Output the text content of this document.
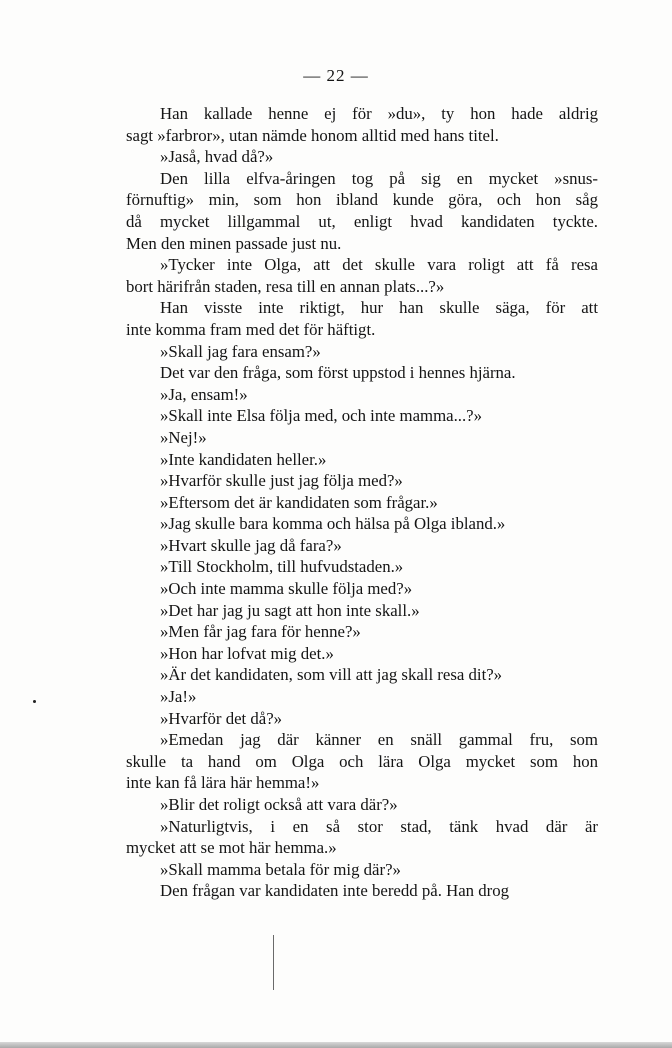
— 22 —
Han kallade henne ej för »du», ty hon hade aldrig
sagt »farbror», utan nämde honom alltid med hans titel.
»Jaså, hvad då?»
Den lilla elfva-åringen tog på sig en mycket »snus-
förnuftig» min, som hon ibland kunde göra, och hon såg
då mycket lillgammal ut, enligt hvad kandidaten tyckte.
Men den minen passade just nu.
»Tycker inte Olga, att det skulle vara roligt att få resa
bort härifrån staden, resa till en annan plats...?»
Han visste inte riktigt, hur han skulle säga, för att
inte komma fram med det för häftigt.
»Skall jag fara ensam?»
Det var den fråga, som först uppstod i hennes hjärna.
»Ja, ensam!»
»Skall inte Elsa följa med, och inte mamma...?»
»Nej!»
»Inte kandidaten heller.»
»Hvarför skulle just jag följa med?»
»Eftersom det är kandidaten som frågar.»
»Jag skulle bara komma och hälsa på Olga ibland.»
»Hvart skulle jag då fara?»
»Till Stockholm, till hufvudstaden.»
»Och inte mamma skulle följa med?»
»Det har jag ju sagt att hon inte skall.»
»Men får jag fara för henne?»
»Hon har lofvat mig det.»
»Är det kandidaten, som vill att jag skall resa dit?»
»Ja!»
»Hvarför det då?»
»Emedan jag där känner en snäll gammal fru, som
skulle ta hand om Olga och lära Olga mycket som hon
inte kan få lära här hemma!»
»Blir det roligt också att vara där?»
»Naturligtvis, i en så stor stad, tänk hvad där är
mycket att se mot här hemma.»
»Skall mamma betala för mig där?»
Den frågan var kandidaten inte beredd på. Han drog
